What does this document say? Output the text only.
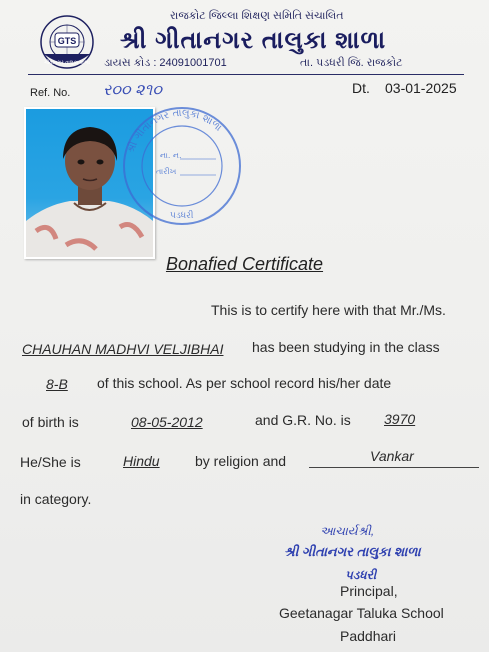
GTS
ગીતાનગર તાલુકા શાળા
રાજકોટ જિલ્લા શિક્ષણ સમિતિ સંચાલિત
શ્રી ગીતાનગર તાલુકા શાળા
ડાયસ કોડ : 24091001701	તા. પડધરી જિ. રાજકોટ
Ref. No. ર૦૦ ૨૧૦	Dt. 03-01-2025
શ્રી ગીતાનગર તાલુકા શાળા
ના. ન.
તારીખ
પડધરી
Bonafied Certificate
This is to certify here with that Mr./Ms.
CHAUHAN MADHVI VELJIBHAI has been studying in the class
8-B of this school. As per school record his/her date
of birth is	08-05-2012	and G.R. No. is 3970
He/She is	Hindu	by religion and	Vankar
in category.
આચાર્યશ્રી,
શ્રી ગીતાનગર તાલુકા શાળા
પડધરી
Principal,
Geetanagar Taluka School
Paddhari
